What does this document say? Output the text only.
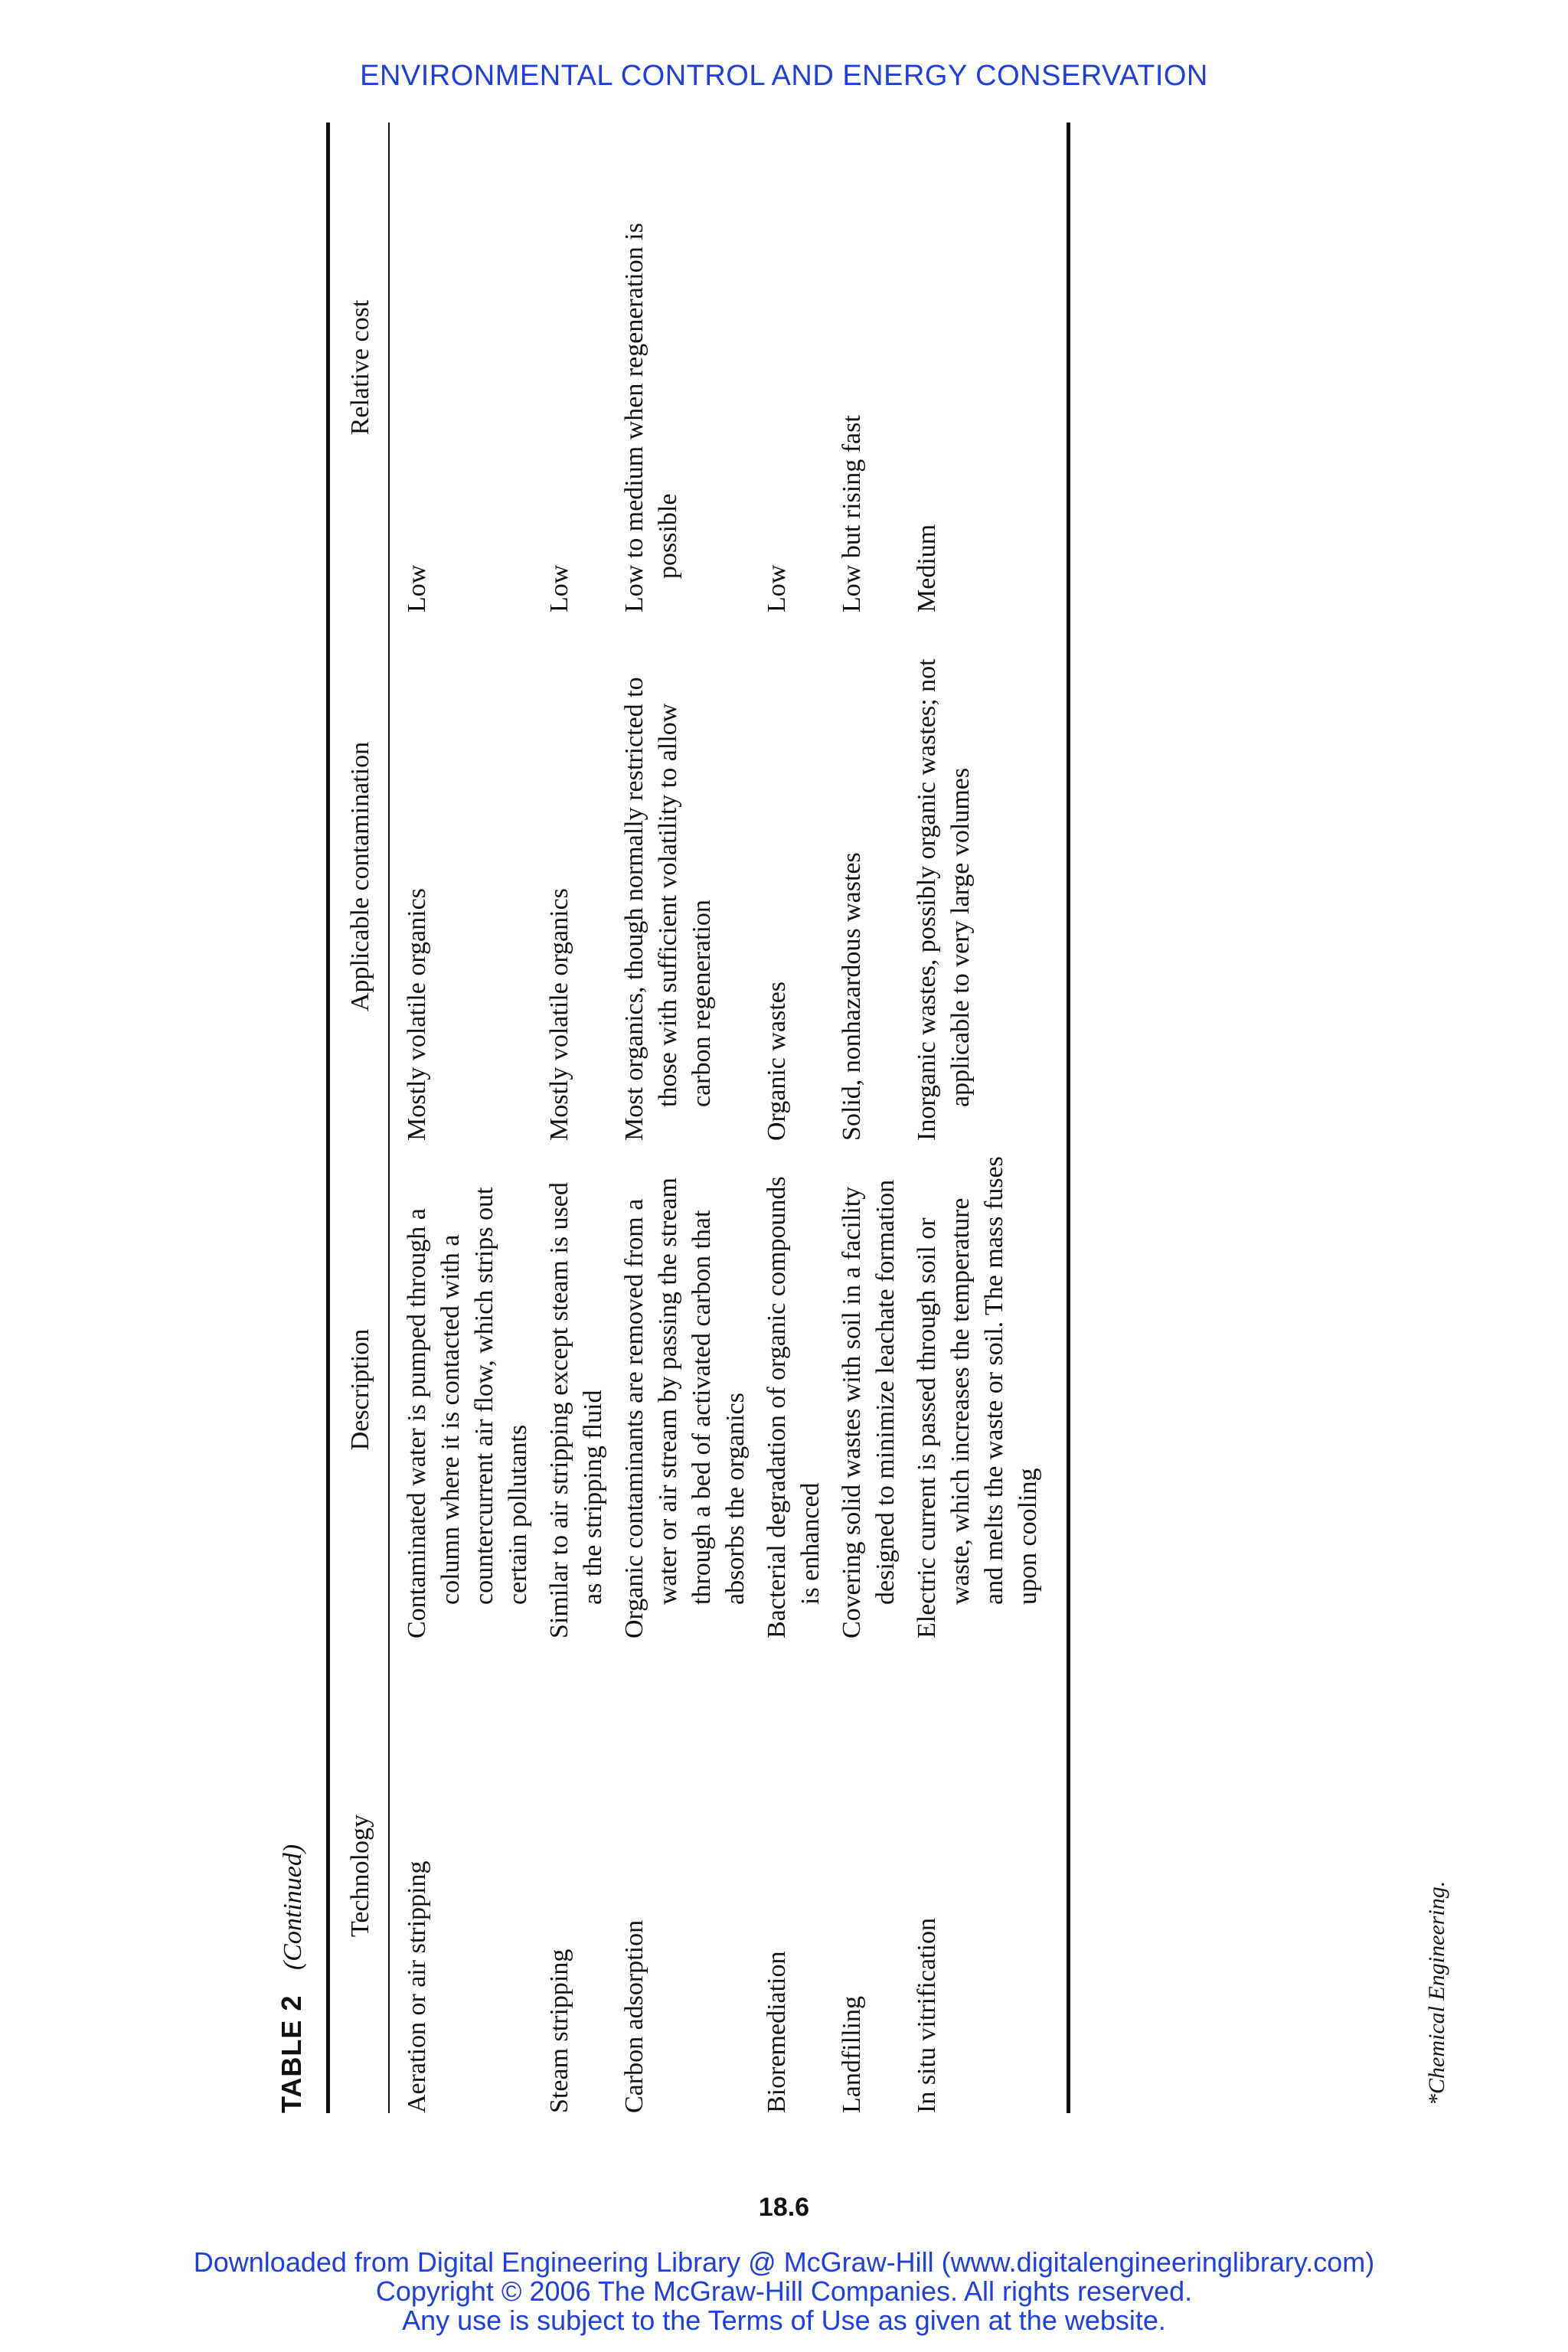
ENVIRONMENTAL CONTROL AND ENERGY CONSERVATION
TABLE 2 (Continued)	Technology	Description	Applicable contamination	Relative cost

Aeration or air stripping	Contaminated water is pumped through a column where it is contacted with a countercurrent air flow, which strips out certain pollutants	Mostly volatile organics	Low

Steam stripping	Similar to air stripping except steam is used as the stripping fluid	Mostly volatile organics	Low

Carbon adsorption	Organic contaminants are removed from a water or air stream by passing the stream through a bed of activated carbon that absorbs the organics	Most organics, though normally restricted to those with sufficient volatility to allow carbon regeneration	Low to medium when regeneration is possible

Bioremediation	Bacterial degradation of organic compounds is enhanced	Organic wastes	Low

Landfilling	Covering solid wastes with soil in a facility designed to minimize leachate formation	Solid, nonhazardous wastes	Low but rising fast

In situ vitrification	Electric current is passed through soil or waste, which increases the temperature and melts the waste or soil. The mass fuses upon cooling	Inorganic wastes, possibly organic wastes; not applicable to very large volumes	Medium
*Chemical Engineering.
18.6
Downloaded from Digital Engineering Library @ McGraw-Hill (www.digitalengineeringlibrary.com)
Copyright © 2006 The McGraw-Hill Companies. All rights reserved.
Any use is subject to the Terms of Use as given at the website.
